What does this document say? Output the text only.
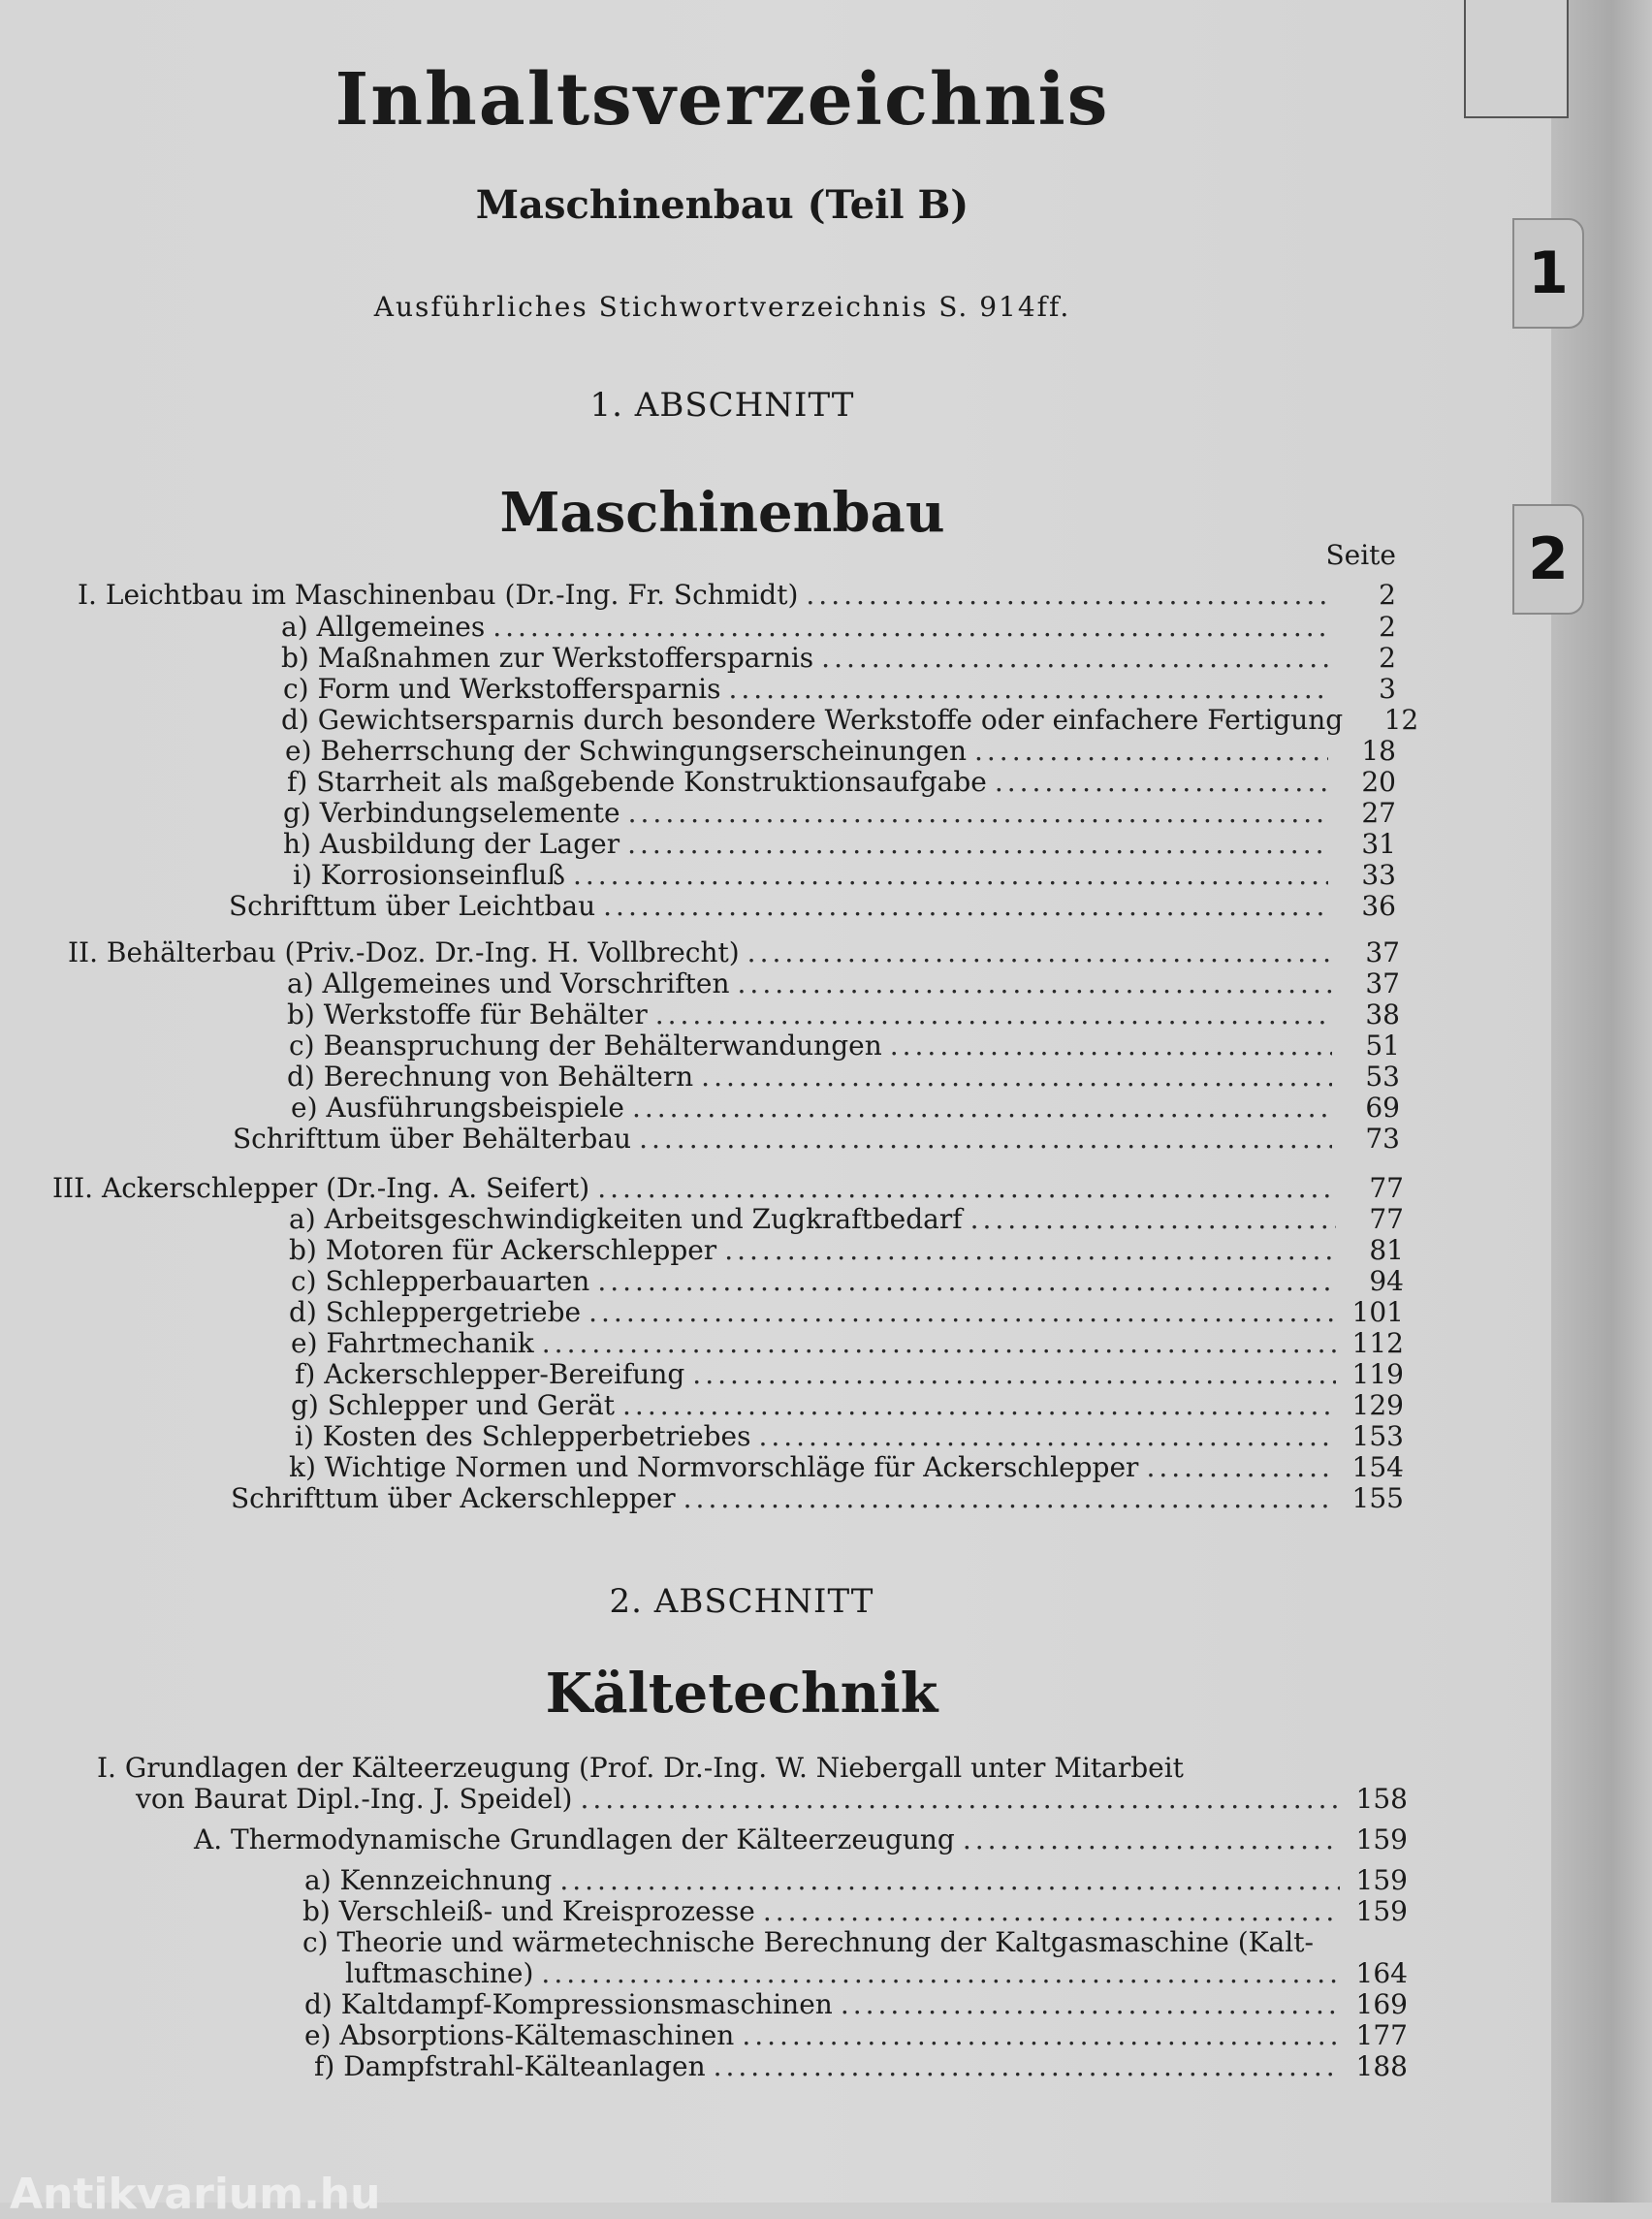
1
2
Inhaltsverzeichnis
Maschinenbau (Teil B)
Ausführliches Stichwortverzeichnis S. 914ff.
1. ABSCHNITT
Maschinenbau
Seite
I. Leichtbau im Maschinenbau (Dr.-Ing. Fr. Schmidt) .....	2
a) Allgemeines .....	2
b) Maßnahmen zur Werkstoffersparnis .....	2
c) Form und Werkstoffersparnis .....	3
d) Gewichtsersparnis durch besondere Werkstoffe oder einfachere Fertigung	12
e) Beherrschung der Schwingungserscheinungen .....	18
f) Starrheit als maßgebende Konstruktionsaufgabe .....	20
g) Verbindungselemente .....	27
h) Ausbildung der Lager .....	31
i) Korrosionseinfluß .....	33
Schrifttum über Leichtbau .....	36
II. Behälterbau (Priv.-Doz. Dr.-Ing. H. Vollbrecht) .....	37
a) Allgemeines und Vorschriften .....	37
b) Werkstoffe für Behälter .....	38
c) Beanspruchung der Behälterwandungen .....	51
d) Berechnung von Behältern .....	53
e) Ausführungsbeispiele .....	69
Schrifttum über Behälterbau .....	73
III. Ackerschlepper (Dr.-Ing. A. Seifert) .....	77
a) Arbeitsgeschwindigkeiten und Zugkraftbedarf .....	77
b) Motoren für Ackerschlepper .....	81
c) Schlepperbauarten .....	94
d) Schleppergetriebe .....	101
e) Fahrtmechanik .....	112
f) Ackerschlepper-Bereifung .....	119
g) Schlepper und Gerät .....	129
i) Kosten des Schlepperbetriebes .....	153
k) Wichtige Normen und Normvorschläge für Ackerschlepper .....	154
Schrifttum über Ackerschlepper .....	155
2. ABSCHNITT
Kältetechnik
I. Grundlagen der Kälteerzeugung (Prof. Dr.-Ing. W. Niebergall unter Mitarbeit
von Baurat Dipl.-Ing. J. Speidel) .....	158
A. Thermodynamische Grundlagen der Kälteerzeugung .....	159
a) Kennzeichnung .....	159
b) Verschleiß- und Kreisprozesse .....	159
c) Theorie und wärmetechnische Berechnung der Kaltgasmaschine (Kalt-
luftmaschine) .....	164
d) Kaltdampf-Kompressionsmaschinen .....	169
e) Absorptions-Kältemaschinen .....	177
f) Dampfstrahl-Kälteanlagen .....	188
Antikvarium.hu
